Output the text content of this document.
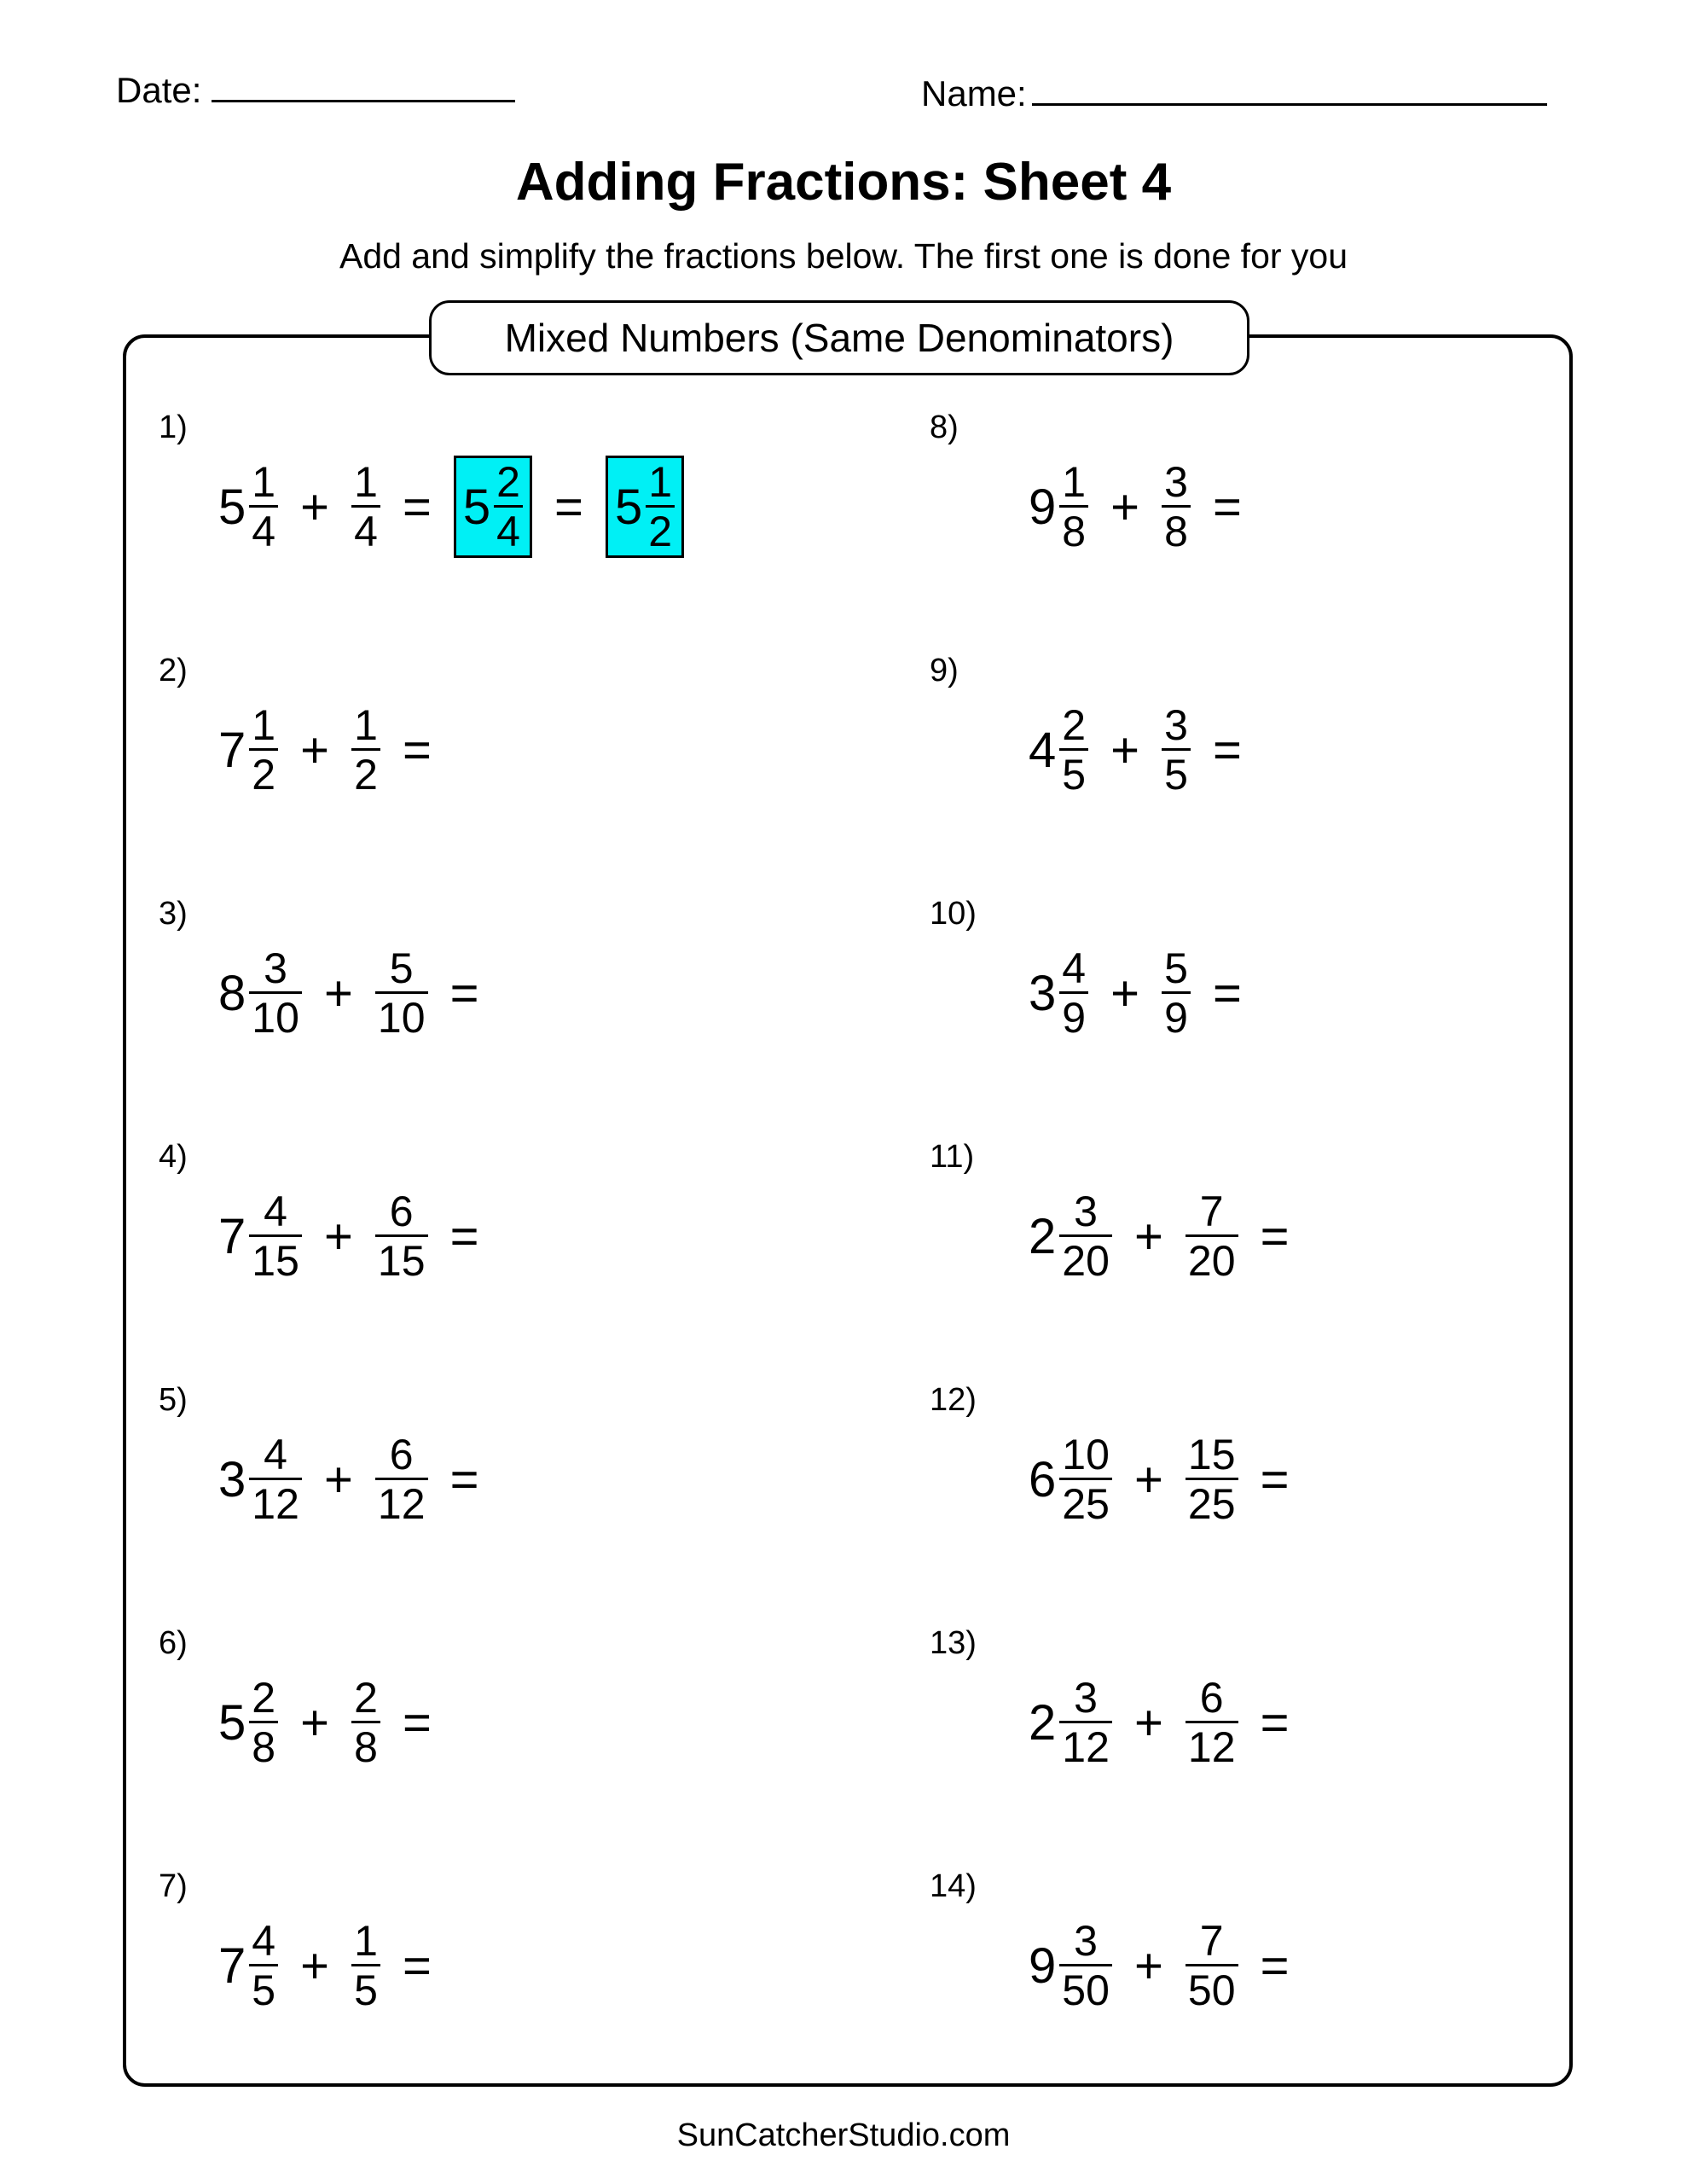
Date:	Name:
Adding Fractions: Sheet 4
Add and simplify the fractions below. The first one is done for you
Mixed Numbers (Same Denominators)
1)
$5 \frac{1}{4} + \frac{1}{4} = 5 \frac{2}{4} = 5 \frac{1}{2}$
2)
$7 \frac{1}{2} + \frac{1}{2}$ =
3)
$8 \frac{3}{10} + \frac{5}{10}$ =
4)
$7 \frac{4}{15} + \frac{6}{15}$ =
5)
$3 \frac{4}{12} + \frac{6}{12}$ =
6)
$5 \frac{2}{8} + \frac{2}{8}$ =
7)
$7 \frac{4}{5} + \frac{1}{5}$ =
8)
$9 \frac{1}{8} + \frac{3}{8}$ =
9)
$4 \frac{2}{5} + \frac{3}{5}$ =
10)
$3 \frac{4}{9} + \frac{5}{9}$ =
11)
$2 \frac{3}{20} + \frac{7}{20}$ =
12)
$6 \frac{10}{25} + \frac{15}{25}$ =
13)
$2 \frac{3}{12} + \frac{6}{12}$ =
14)
$9 \frac{3}{50} + \frac{7}{50}$ =
SunCatcherStudio.com
